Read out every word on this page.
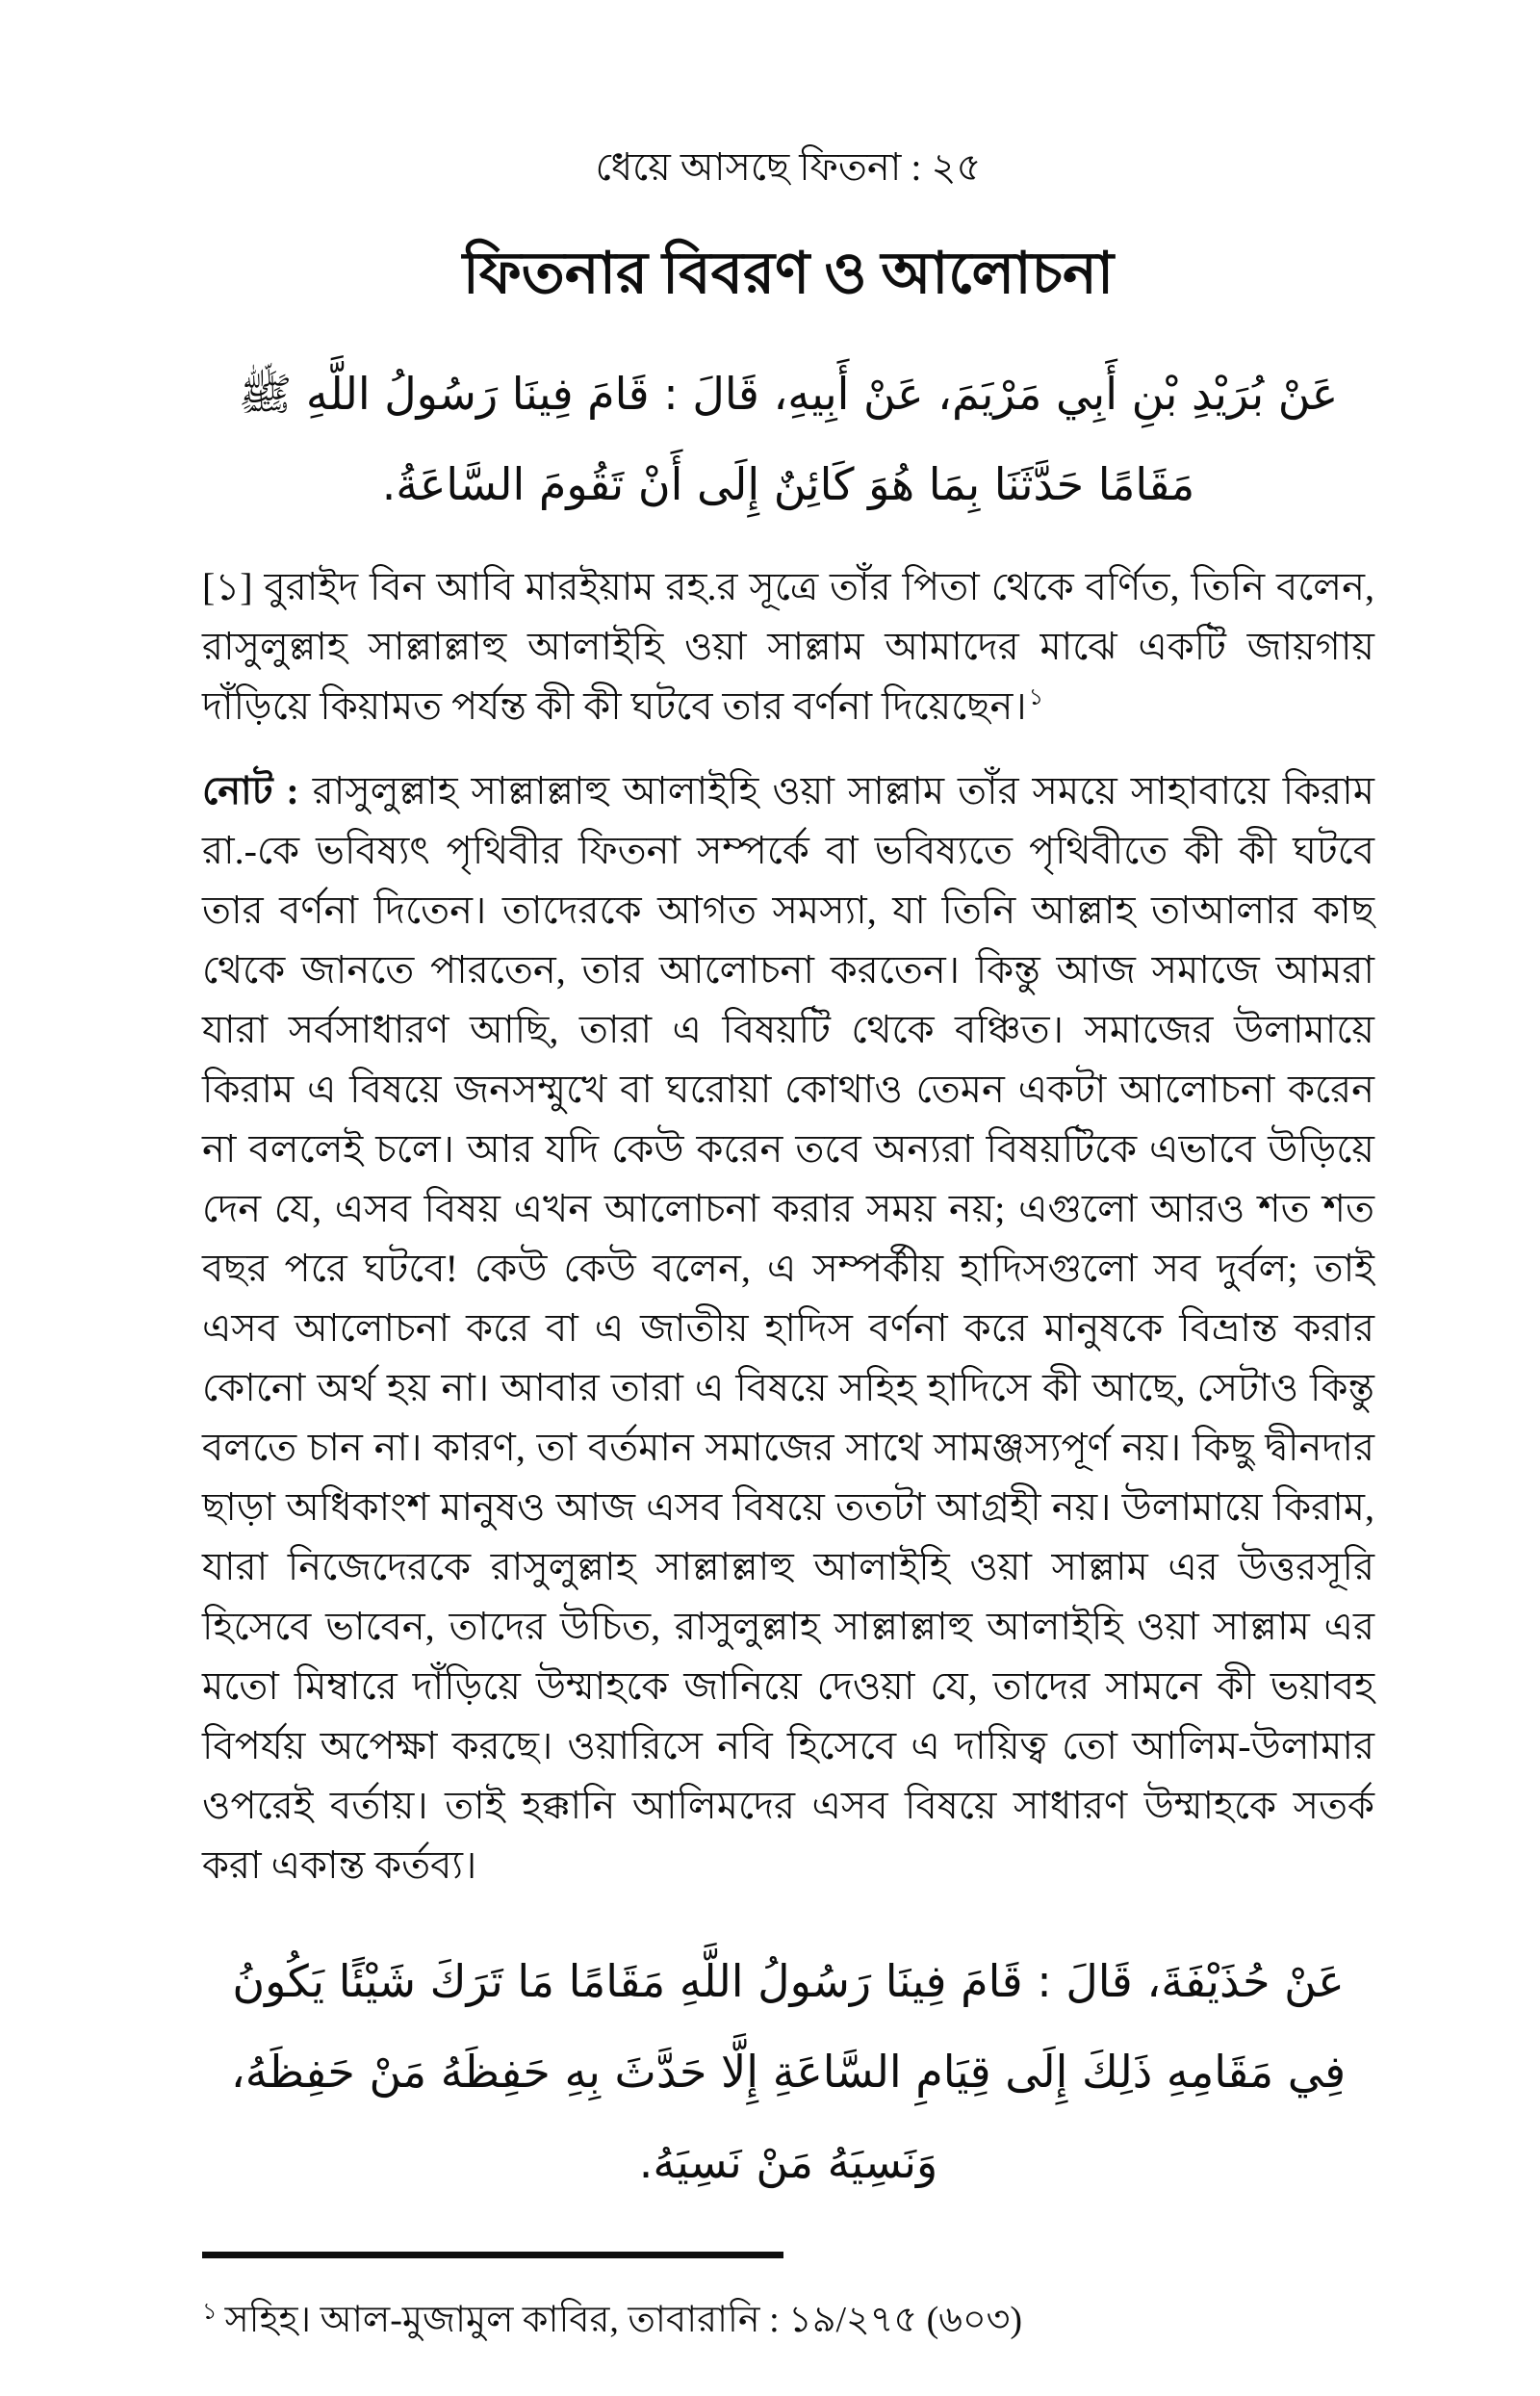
ধেয়ে আসছে ফিতনা : ২৫
ফিতনার বিবরণ ও আলোচনা
عَنْ بُرَيْدِ بْنِ أَبِي مَرْيَمَ، عَنْ أَبِيهِ، قَالَ : قَامَ فِينَا رَسُولُ اللَّهِ ﷺ مَقَامًا حَدَّثَنَا بِمَا هُوَ كَائِنٌ إِلَى أَنْ تَقُومَ السَّاعَةُ.

[১] বুরাইদ বিন আবি মারইয়াম রহ.র সূত্রে তাঁর পিতা থেকে বর্ণিত, তিনি বলেন, রাসুলুল্লাহ সাল্লাল্লাহু আলাইহি ওয়া সাল্লাম আমাদের মাঝে একটি জায়গায় দাঁড়িয়ে কিয়ামত পর্যন্ত কী কী ঘটবে তার বর্ণনা দিয়েছেন।$^১$

নোট : রাসুলুল্লাহ সাল্লাল্লাহু আলাইহি ওয়া সাল্লাম তাঁর সময়ে সাহাবায়ে কিরাম রা.-কে ভবিষ্যৎ পৃথিবীর ফিতনা সম্পর্কে বা ভবিষ্যতে পৃথিবীতে কী কী ঘটবে তার বর্ণনা দিতেন। তাদেরকে আগত সমস্যা, যা তিনি আল্লাহ তাআলার কাছ থেকে জানতে পারতেন, তার আলোচনা করতেন। কিন্তু আজ সমাজে আমরা যারা সর্বসাধারণ আছি, তারা এ বিষয়টি থেকে বঞ্চিত। সমাজের উলামায়ে কিরাম এ বিষয়ে জনসম্মুখে বা ঘরোয়া কোথাও তেমন একটা আলোচনা করেন না বললেই চলে। আর যদি কেউ করেন তবে অন্যরা বিষয়টিকে এভাবে উড়িয়ে দেন যে, এসব বিষয় এখন আলোচনা করার সময় নয়; এগুলো আরও শত শত বছর পরে ঘটবে! কেউ কেউ বলেন, এ সম্পর্কীয় হাদিসগুলো সব দুর্বল; তাই এসব আলোচনা করে বা এ জাতীয় হাদিস বর্ণনা করে মানুষকে বিভ্রান্ত করার কোনো অর্থ হয় না। আবার তারা এ বিষয়ে সহিহ হাদিসে কী আছে, সেটাও কিন্তু বলতে চান না। কারণ, তা বর্তমান সমাজের সাথে সামঞ্জস্যপূর্ণ নয়। কিছু দ্বীনদার ছাড়া অধিকাংশ মানুষও আজ এসব বিষয়ে ততটা আগ্রহী নয়। উলামায়ে কিরাম, যারা নিজেদেরকে রাসুলুল্লাহ সাল্লাল্লাহু আলাইহি ওয়া সাল্লাম এর উত্তরসূরি হিসেবে ভাবেন, তাদের উচিত, রাসুলুল্লাহ সাল্লাল্লাহু আলাইহি ওয়া সাল্লাম এর মতো মিম্বারে দাঁড়িয়ে উম্মাহকে জানিয়ে দেওয়া যে, তাদের সামনে কী ভয়াবহ বিপর্যয় অপেক্ষা করছে। ওয়ারিসে নবি হিসেবে এ দায়িত্ব তো আলিম-উলামার ওপরেই বর্তায়। তাই হক্কানি আলিমদের এসব বিষয়ে সাধারণ উম্মাহকে সতর্ক করা একান্ত কর্তব্য।

عَنْ حُذَيْفَةَ، قَالَ : قَامَ فِينَا رَسُولُ اللَّهِ مَقَامًا مَا تَرَكَ شَيْئًا يَكُونُ فِي مَقَامِهِ ذَلِكَ إِلَى قِيَامِ السَّاعَةِ إِلَّا حَدَّثَ بِهِ حَفِظَهُ مَنْ حَفِظَهُ، وَنَسِيَهُ مَنْ نَسِيَهُ.

$^১$ সহিহ। আল-মুজামুল কাবির, তাবারানি : ১৯/২৭৫ (৬০৩)
